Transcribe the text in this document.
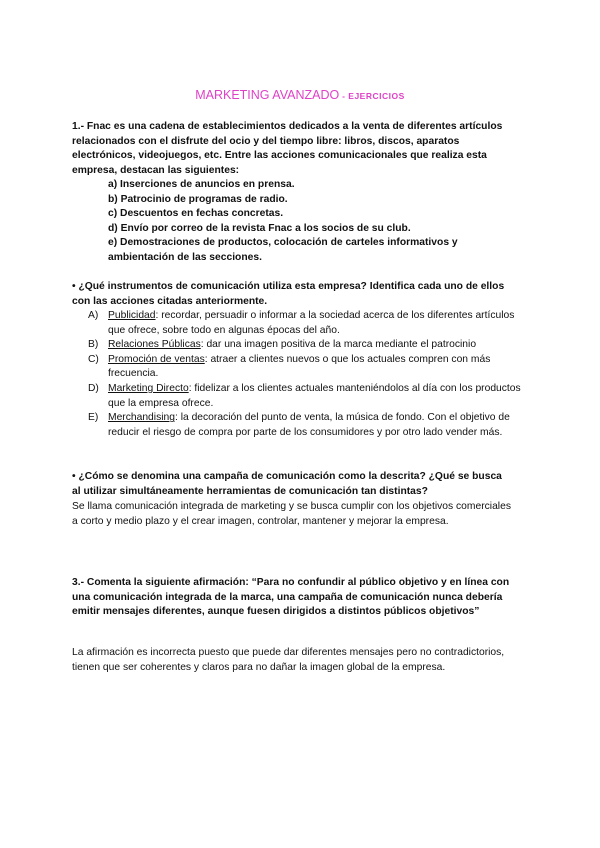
MARKETING AVANZADO - EJERCICIOS

1.- Fnac es una cadena de establecimientos dedicados a la venta de diferentes artículos relacionados con el disfrute del ocio y del tiempo libre: libros, discos, aparatos electrónicos, videojuegos, etc. Entre las acciones comunicacionales que realiza esta empresa, destacan las siguientes:

a) Inserciones de anuncios en prensa.

b) Patrocinio de programas de radio.

c) Descuentos en fechas concretas.

d) Envío por correo de la revista Fnac a los socios de su club.

e) Demostraciones de productos, colocación de carteles informativos y ambientación de las secciones.

• ¿Qué instrumentos de comunicación utiliza esta empresa? Identifica cada uno de ellos con las acciones citadas anteriormente.

A) Publicidad: recordar, persuadir o informar a la sociedad acerca de los diferentes artículos que ofrece, sobre todo en algunas épocas del año.
B) Relaciones Públicas: dar una imagen positiva de la marca mediante el patrocinio
C) Promoción de ventas: atraer a clientes nuevos o que los actuales compren con más frecuencia.
D) Marketing Directo: fidelizar a los clientes actuales manteniéndolos al día con los productos que la empresa ofrece.
E) Merchandising: la decoración del punto de venta, la música de fondo. Con el objetivo de reducir el riesgo de compra por parte de los consumidores y por otro lado vender más.

• ¿Cómo se denomina una campaña de comunicación como la descrita? ¿Qué se busca al utilizar simultáneamente herramientas de comunicación tan distintas?

Se llama comunicación integrada de marketing y se busca cumplir con los objetivos comerciales a corto y medio plazo y el crear imagen, controlar, mantener y mejorar la empresa.

3.- Comenta la siguiente afirmación: “Para no confundir al público objetivo y en línea con una comunicación integrada de la marca, una campaña de comunicación nunca debería emitir mensajes diferentes, aunque fuesen dirigidos a distintos públicos objetivos”

La afirmación es incorrecta puesto que puede dar diferentes mensajes pero no contradictorios, tienen que ser coherentes y claros para no dañar la imagen global de la empresa.
